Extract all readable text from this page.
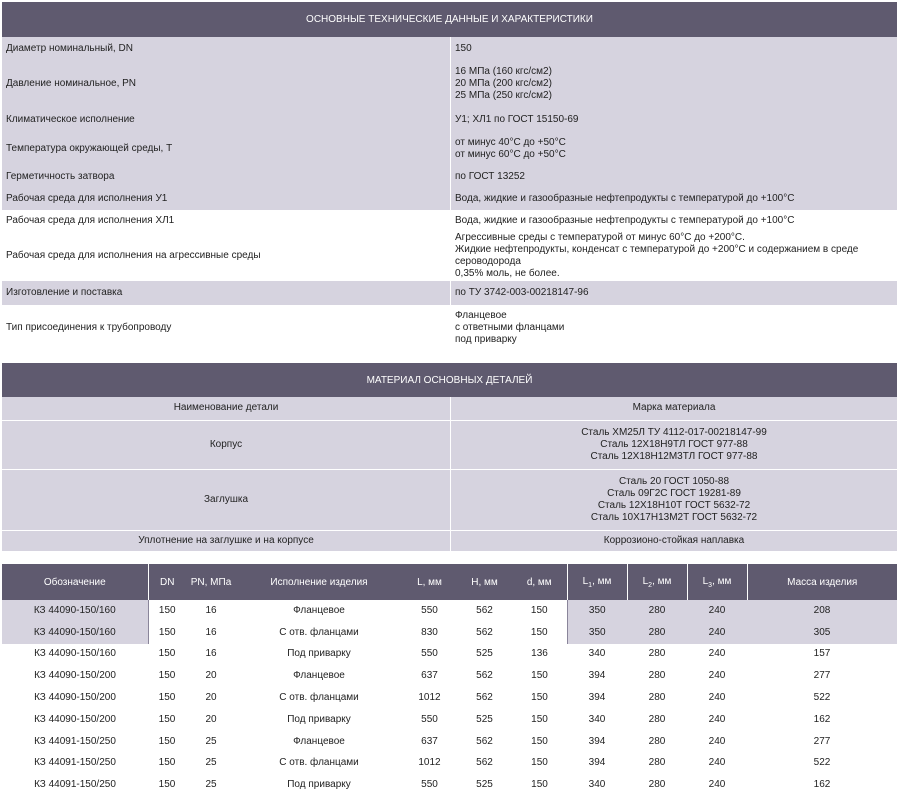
ОСНОВНЫЕ ТЕХНИЧЕСКИЕ ДАННЫЕ И ХАРАКТЕРИСТИКИ
Диаметр номинальный, DN	150

Давление номинальное, PN	16 МПа (160 кгс/см2)
20 МПа (200 кгс/см2)
25 МПа (250 кгс/см2)

Климатическое исполнение	У1; ХЛ1 по ГОСТ 15150-69

Температура окружающей среды, Т	от минус 40°С до +50°С
от минус 60°С до +50°С

Герметичность затвора	по ГОСТ 13252

Рабочая среда для исполнения У1	Вода, жидкие и газообразные нефтепродукты с температурой до +100°С

Рабочая среда для исполнения ХЛ1	Вода, жидкие и газообразные нефтепродукты с температурой до +100°С

Рабочая среда для исполнения на агрессивные среды	Агрессивные среды с температурой от минус 60°С до +200°С.
Жидкие нефтепродукты, конденсат с температурой до +200°С и содержанием в среде сероводорода
0,35% моль, не более.

Изготовление и поставка	по ТУ 3742-003-00218147-96

Тип присоединения к трубопроводу	Фланцевое
с ответными фланцами
под приварку
МАТЕРИАЛ ОСНОВНЫХ ДЕТАЛЕЙ
Наименование детали	Марка материала
Корпус	Сталь ХМ25Л ТУ 4112-017-00218147-99
Сталь 12Х18Н9ТЛ ГОСТ 977-88
Сталь 12Х18Н12М3ТЛ ГОСТ 977-88

Заглушка	Сталь 20 ГОСТ 1050-88
Сталь 09Г2С ГОСТ 19281-89
Сталь 12Х18Н10Т ГОСТ 5632-72
Сталь 10Х17Н13М2Т ГОСТ 5632-72

Уплотнение на заглушке и на корпусе	Коррозионо-стойкая наплавка
Обозначение	DN	PN, МПа	Исполнение изделия	L, мм	H, мм	d, мм	$L_1$, мм	$L_2$, мм	$L_3$, мм	Масса изделия
КЗ 44090-150/160	150	16	Фланцевое	550	562	150	350	280	240	208
КЗ 44090-150/160	150	16	С отв. фланцами	830	562	150	350	280	240	305
КЗ 44090-150/160	150	16	Под приварку	550	525	136	340	280	240	157
КЗ 44090-150/200	150	20	Фланцевое	637	562	150	394	280	240	277
КЗ 44090-150/200	150	20	С отв. фланцами	1012	562	150	394	280	240	522
КЗ 44090-150/200	150	20	Под приварку	550	525	150	340	280	240	162
КЗ 44091-150/250	150	25	Фланцевое	637	562	150	394	280	240	277
КЗ 44091-150/250	150	25	С отв. фланцами	1012	562	150	394	280	240	522
КЗ 44091-150/250	150	25	Под приварку	550	525	150	340	280	240	162
